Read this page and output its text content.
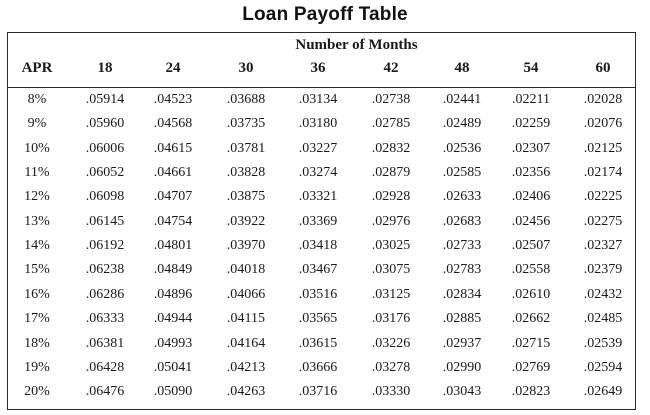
Loan Payoff Table
Number of Months
APR	18	24	30	36	42	48	54	60
8%	.05914	.04523	.03688	.03134	.02738	.02441	.02211	.02028
9%	.05960	.04568	.03735	.03180	.02785	.02489	.02259	.02076
10%	.06006	.04615	.03781	.03227	.02832	.02536	.02307	.02125
11%	.06052	.04661	.03828	.03274	.02879	.02585	.02356	.02174
12%	.06098	.04707	.03875	.03321	.02928	.02633	.02406	.02225
13%	.06145	.04754	.03922	.03369	.02976	.02683	.02456	.02275
14%	.06192	.04801	.03970	.03418	.03025	.02733	.02507	.02327
15%	.06238	.04849	.04018	.03467	.03075	.02783	.02558	.02379
16%	.06286	.04896	.04066	.03516	.03125	.02834	.02610	.02432
17%	.06333	.04944	.04115	.03565	.03176	.02885	.02662	.02485
18%	.06381	.04993	.04164	.03615	.03226	.02937	.02715	.02539
19%	.06428	.05041	.04213	.03666	.03278	.02990	.02769	.02594
20%	.06476	.05090	.04263	.03716	.03330	.03043	.02823	.02649
